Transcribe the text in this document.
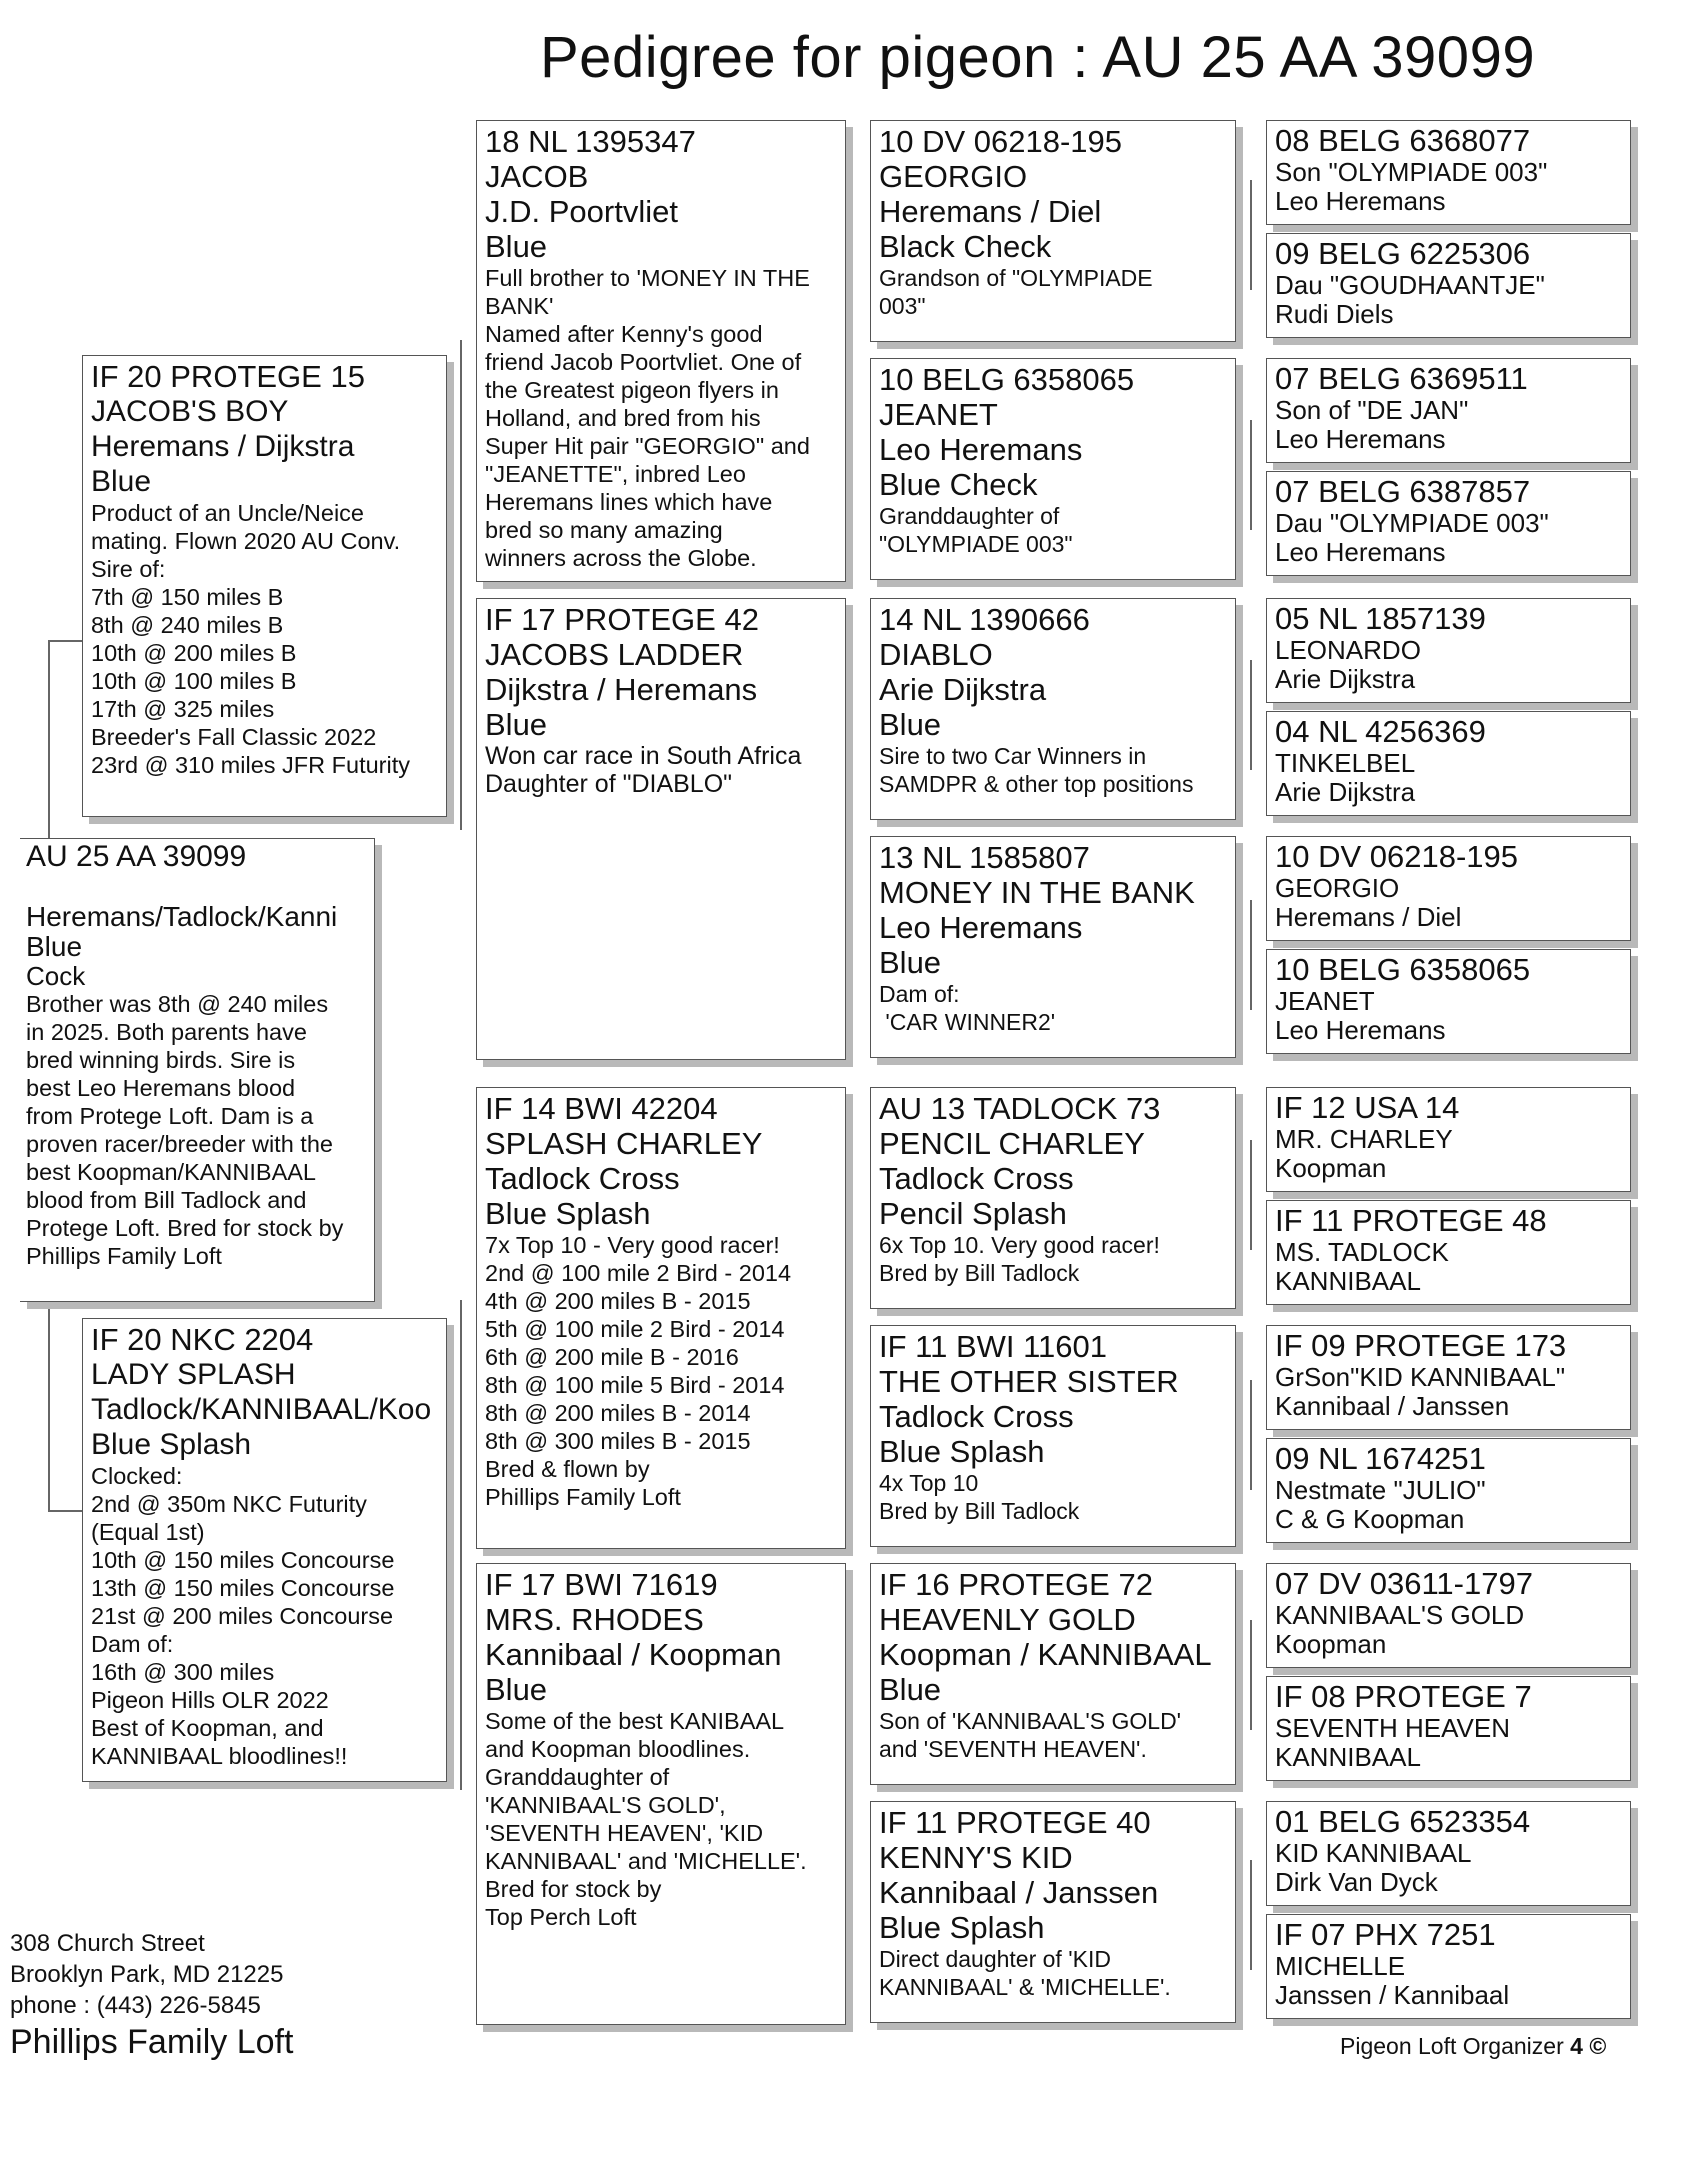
Pedigree for pigeon : AU 25 AA 39099
AU 25 AA 39099

Heremans/Tadlock/Kanni
Blue
Cock
Brother was 8th @ 240 miles
in 2025. Both parents have
bred winning birds. Sire is
best Leo Heremans blood
from Protege Loft. Dam is a
proven racer/breeder with the
best Koopman/KANNIBAAL
blood from Bill Tadlock and
Protege Loft. Bred for stock by
Phillips Family Loft
IF 20 PROTEGE 15
JACOB'S BOY
Heremans / Dijkstra
Blue
Product of an Uncle/Neice
mating. Flown 2020 AU Conv.
Sire of:
7th @ 150 miles B
8th @ 240 miles B
10th @ 200 miles B
10th @ 100 miles B
17th @ 325 miles
Breeder's Fall Classic 2022
23rd @ 310 miles JFR Futurity
IF 20 NKC 2204
LADY SPLASH
Tadlock/KANNIBAAL/Koo
Blue Splash
Clocked:
2nd @ 350m NKC Futurity
(Equal 1st)
10th @ 150 miles Concourse
13th @ 150 miles Concourse
21st @ 200 miles Concourse
Dam of:
16th @ 300 miles
Pigeon Hills OLR 2022
Best of Koopman, and
KANNIBAAL bloodlines!!
18 NL 1395347
JACOB
J.D. Poortvliet
Blue
Full brother to 'MONEY IN THE
BANK'
Named after Kenny's good
friend Jacob Poortvliet. One of
the Greatest pigeon flyers in
Holland, and bred from his
Super Hit pair "GEORGIO" and
"JEANETTE", inbred Leo
Heremans lines which have
bred so many amazing
winners across the Globe.
IF 17 PROTEGE 42
JACOBS LADDER
Dijkstra / Heremans
Blue
Won car race in South Africa
Daughter of "DIABLO"
IF 14 BWI 42204
SPLASH CHARLEY
Tadlock Cross
Blue Splash
7x Top 10 - Very good racer!
2nd @ 100 mile 2 Bird - 2014
4th @ 200 miles B - 2015
5th @ 100 mile 2 Bird - 2014
6th @ 200 mile B - 2016
8th @ 100 mile 5 Bird - 2014
8th @ 200 miles B - 2014
8th @ 300 miles B - 2015
Bred & flown by
Phillips Family Loft
IF 17 BWI 71619
MRS. RHODES
Kannibaal / Koopman
Blue
Some of the best KANIBAAL
and Koopman bloodlines.
Granddaughter of
'KANNIBAAL'S GOLD',
'SEVENTH HEAVEN', 'KID
KANNIBAAL' and 'MICHELLE'.
Bred for stock by
Top Perch Loft
10 DV 06218-195
GEORGIO
Heremans / Diel
Black Check
Grandson of "OLYMPIADE
003"
10 BELG 6358065
JEANET
Leo Heremans
Blue Check
Granddaughter of
"OLYMPIADE 003"
14 NL 1390666
DIABLO
Arie Dijkstra
Blue
Sire to two Car Winners in
SAMDPR & other top positions
13 NL 1585807
MONEY IN THE BANK
Leo Heremans
Blue
Dam of:
'CAR WINNER2'
AU 13 TADLOCK 73
PENCIL CHARLEY
Tadlock Cross
Pencil Splash
6x Top 10. Very good racer!
Bred by Bill Tadlock
IF 11 BWI 11601
THE OTHER SISTER
Tadlock Cross
Blue Splash
4x Top 10
Bred by Bill Tadlock
IF 16 PROTEGE 72
HEAVENLY GOLD
Koopman / KANNIBAAL
Blue
Son of 'KANNIBAAL'S GOLD'
and 'SEVENTH HEAVEN'.
IF 11 PROTEGE 40
KENNY'S KID
Kannibaal / Janssen
Blue Splash
Direct daughter of 'KID
KANNIBAAL' & 'MICHELLE'.
08 BELG 6368077
Son "OLYMPIADE 003"
Leo Heremans
09 BELG 6225306
Dau "GOUDHAANTJE"
Rudi Diels
07 BELG 6369511
Son of "DE JAN"
Leo Heremans
07 BELG 6387857
Dau "OLYMPIADE 003"
Leo Heremans
05 NL 1857139
LEONARDO
Arie Dijkstra
04 NL 4256369
TINKELBEL
Arie Dijkstra
10 DV 06218-195
GEORGIO
Heremans / Diel
10 BELG 6358065
JEANET
Leo Heremans
IF 12 USA 14
MR. CHARLEY
Koopman
IF 11 PROTEGE 48
MS. TADLOCK
KANNIBAAL
IF 09 PROTEGE 173
GrSon"KID KANNIBAAL"
Kannibaal / Janssen
09 NL 1674251
Nestmate "JULIO"
C & G Koopman
07 DV 03611-1797
KANNIBAAL'S GOLD
Koopman
IF 08 PROTEGE 7
SEVENTH HEAVEN
KANNIBAAL
01 BELG 6523354
KID KANNIBAAL
Dirk Van Dyck
IF 07 PHX 7251
MICHELLE
Janssen / Kannibaal
308 Church Street
Brooklyn Park, MD 21225
phone : (443) 226-5845
Phillips Family Loft	Pigeon Loft Organizer 4 ©
